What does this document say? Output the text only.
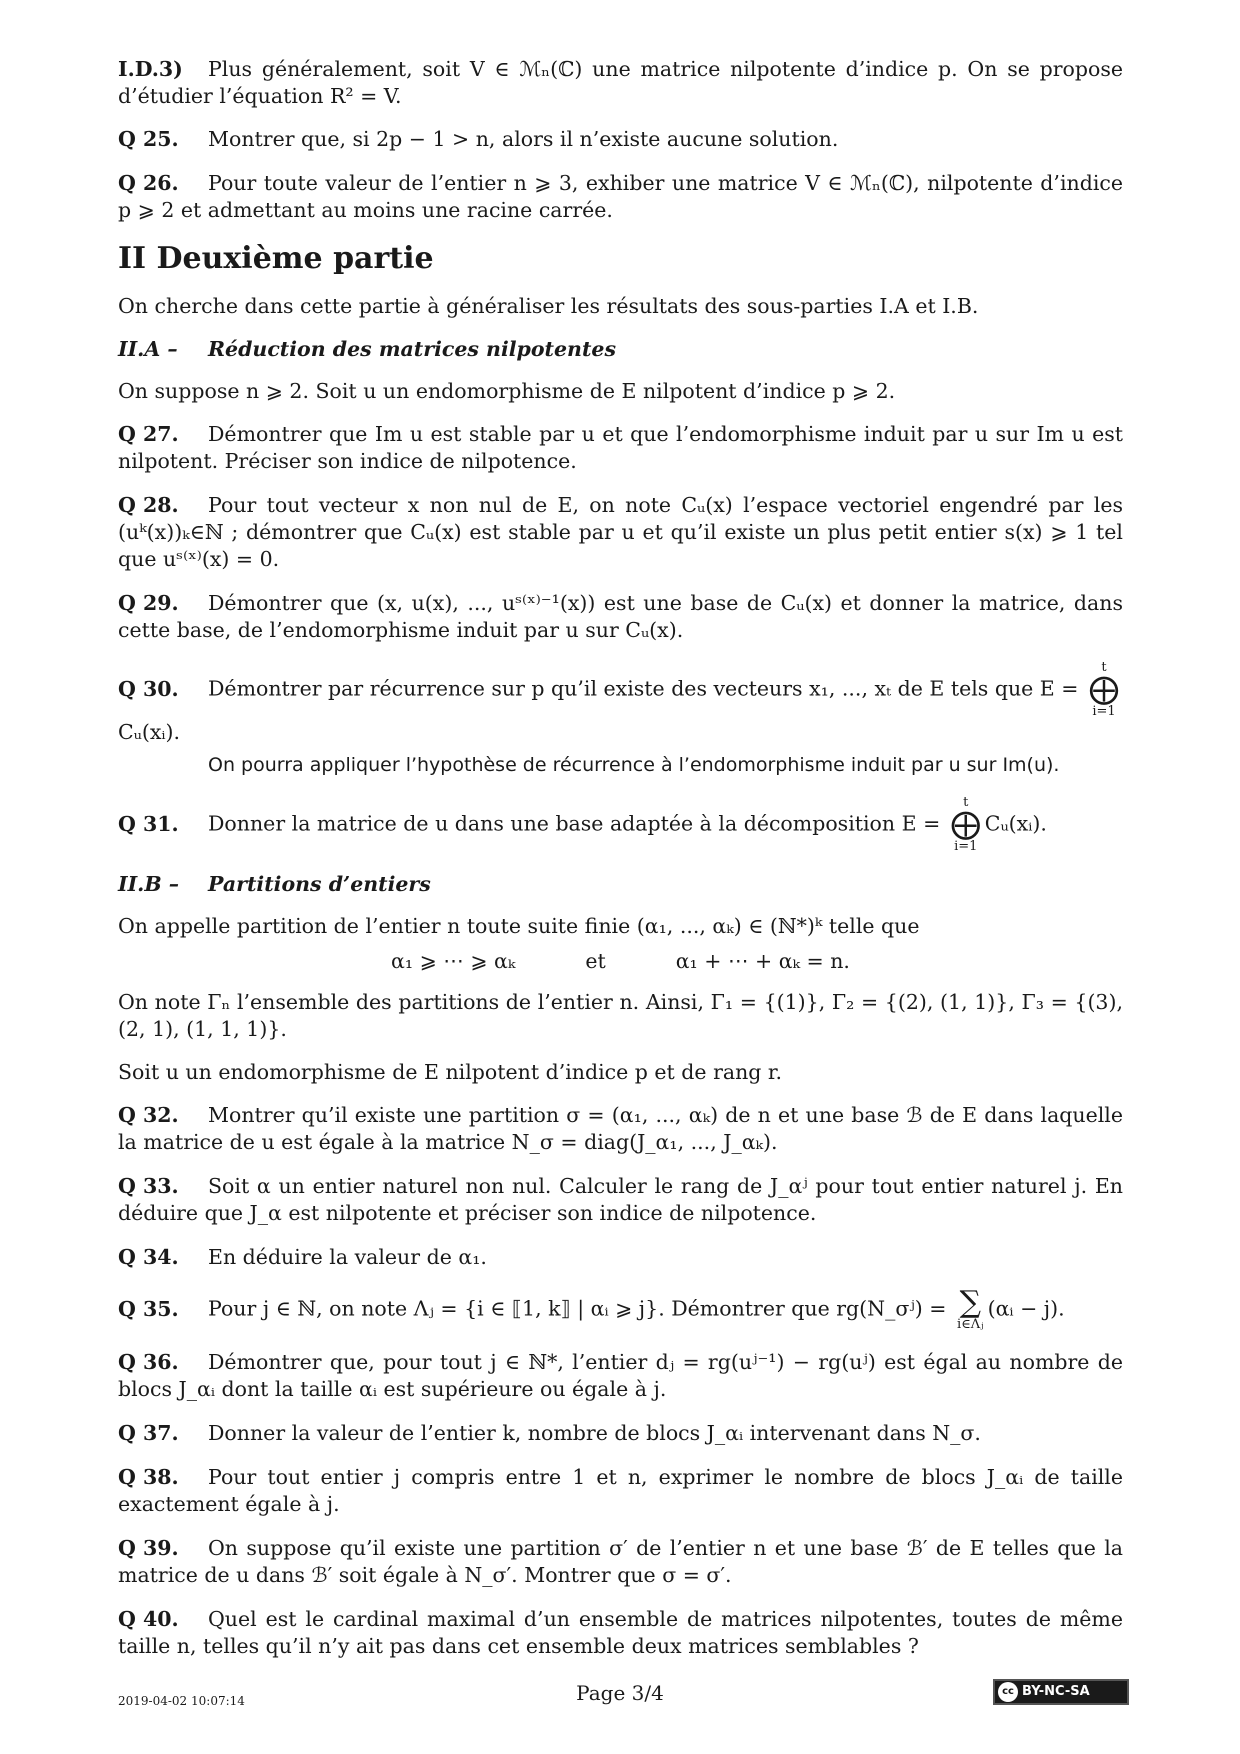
I.D.3) Plus généralement, soit V ∈ ℳₙ(ℂ) une matrice nilpotente d’indice p. On se propose d’étudier l’équation R² = V.

Q 25. Montrer que, si 2p − 1 > n, alors il n’existe aucune solution.

Q 26. Pour toute valeur de l’entier n ⩾ 3, exhiber une matrice V ∈ ℳₙ(ℂ), nilpotente d’indice p ⩾ 2 et admettant au moins une racine carrée.

II Deuxième partie

On cherche dans cette partie à généraliser les résultats des sous-parties I.A et I.B.

II.A – Réduction des matrices nilpotentes

On suppose n ⩾ 2. Soit u un endomorphisme de E nilpotent d’indice p ⩾ 2.

Q 27. Démontrer que Im u est stable par u et que l’endomorphisme induit par u sur Im u est nilpotent. Préciser son indice de nilpotence.

Q 28. Pour tout vecteur x non nul de E, on note Cᵤ(x) l’espace vectoriel engendré par les (uᵏ(x))ₖ∈ℕ ; démontrer que Cᵤ(x) est stable par u et qu’il existe un plus petit entier s(x) ⩾ 1 tel que uˢ⁽ˣ⁾(x) = 0.

Q 29. Démontrer que (x, u(x), ..., uˢ⁽ˣ⁾⁻¹(x)) est une base de Cᵤ(x) et donner la matrice, dans cette base, de l’endomorphisme induit par u sur Cᵤ(x).

Q 30. Démontrer par récurrence sur p qu’il existe des vecteurs x₁, ..., xₜ de E tels que E = t
⨁
i=1Cᵤ(xᵢ).

On pourra appliquer l’hypothèse de récurrence à l’endomorphisme induit par u sur Im(u).

Q 31. Donner la matrice de u dans une base adaptée à la décomposition E = t
⨁
i=1Cᵤ(xᵢ).

II.B – Partitions d’entiers

On appelle partition de l’entier n toute suite finie (α₁, ..., αₖ) ∈ (ℕ*)ᵏ telle que

α₁ ⩾ ⋯ ⩾ αₖ	et	α₁ + ⋯ + αₖ = n.

On note Γₙ l’ensemble des partitions de l’entier n. Ainsi, Γ₁ = {(1)}, Γ₂ = {(2), (1, 1)}, Γ₃ = {(3), (2, 1), (1, 1, 1)}.

Soit u un endomorphisme de E nilpotent d’indice p et de rang r.

Q 32. Montrer qu’il existe une partition σ = (α₁, ..., αₖ) de n et une base ℬ de E dans laquelle la matrice de u est égale à la matrice N_σ = diag(J_α₁, ..., J_αₖ).

Q 33. Soit α un entier naturel non nul. Calculer le rang de J_αʲ pour tout entier naturel j. En déduire que J_α est nilpotente et préciser son indice de nilpotence.

Q 34. En déduire la valeur de α₁.

Q 35. Pour j ∈ ℕ, on note Λⱼ = {i ∈ ⟦1, k⟧ | αᵢ ⩾ j}. Démontrer que rg(N_σʲ) = ∑
i∈Λⱼ(αᵢ − j).

Q 36. Démontrer que, pour tout j ∈ ℕ*, l’entier dⱼ = rg(uʲ⁻¹) − rg(uʲ) est égal au nombre de blocs J_αᵢ dont la taille αᵢ est supérieure ou égale à j.

Q 37. Donner la valeur de l’entier k, nombre de blocs J_αᵢ intervenant dans N_σ.

Q 38. Pour tout entier j compris entre 1 et n, exprimer le nombre de blocs J_αᵢ de taille exactement égale à j.

Q 39. On suppose qu’il existe une partition σ′ de l’entier n et une base ℬ′ de E telles que la matrice de u dans ℬ′ soit égale à N_σ′. Montrer que σ = σ′.

Q 40. Quel est le cardinal maximal d’un ensemble de matrices nilpotentes, toutes de même taille n, telles qu’il n’y ait pas dans cet ensemble deux matrices semblables ?

2019-04-02 10:07:14	Page 3/4	cc BY-NC-SA
